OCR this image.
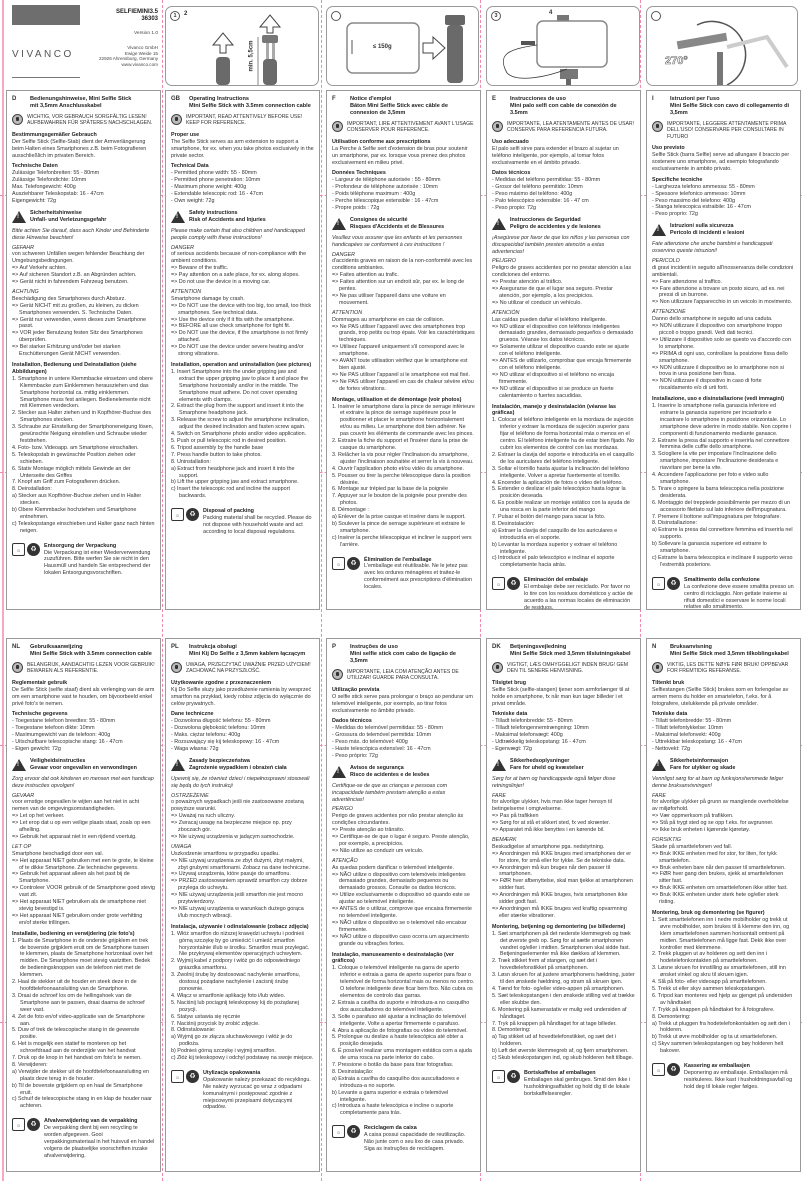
VIVANCO
SELFIEMINI3.5
36303
Version 1.0
Vivanco GmbH
Ewige Weide 15
22926 Ahrensburg, Germany
www.vivanco.com
1	2
min. 5,5cm	≤ 150g
3	4
270°
D	Bedienungshinweise, Mini Selfie Stick
mit 3,5mm Anschlusskabel
WICHTIG, VOR GEBRAUCH SORGFÄLTIG LESEN! AUFBEWAHREN FÜR SPÄTERES NACHSCHLAGEN.
Bestimmungsgemäßer Gebrauch
Der Selfie Stick (Selfie-Stab) dient der Armverlängerung beim Halten eines Smartphones z.B. beim Fotografieren ausschließlich im privaten Bereich.
Technische Daten
Zulässige Telefonbreiten: 55 - 80mm
Zulässige Telefondichte: 10mm
Max. Telefongewicht: 400g
Ausziehbarer Teleskopstab: 16 - 47cm
Eigengewicht: 72g
!
Sicherheitshinweise
Unfall- und Verletzungsgefahr
Bitte achten Sie darauf, dass auch Kinder und Behinderte diese Hinweise beachten!
GEFAHR
von schweren Unfällen wegen fehlender Beachtung der Umgebungsbedingungen.
=> Auf Verkehr achten.
=> Auf sicheren Standort z.B. an Abgründen achten.
=> Gerät nicht in fahrendem Fahrzeug benutzen.
ACHTUNG
Beschädigung des Smartphones durch Absturz.
=> Gerät NICHT mit zu großen, zu kleinen, zu dicken Smartphones verwenden. S. Technische Daten.
=> Gerät nur verwenden, wenn dieses zum Smartphone passt.
=> VOR jeder Benutzung festen Sitz des Smartphones überprüfen.
=> Bei starker Erhitzung und/oder bei starken Erschütterungen Gerät NICHT verwenden.
Installation, Bedienung und Deinstallation (siehe Abbildungen)
1. Smartphone in untere Klemmbacke einsetzen und obere Klemmbacke zum Einklemmen herausziehen und das Smartphone horizontal ca. mittig einklemmen. Smartphone muss fest anliegen. Bedienelemente nicht mit Klemmen verdecken.
2. Stecker aus Halter ziehen und in Kopfhörer-Buchse des Smartphones stecken.
3. Schraube zur Einstellung der Smartphoneneigung lösen, gewünschte Neigung einstellen und Schraube wieder festdrehen.
4. Foto- bzw. Videoapp. am Smartphone einschalten.
5. Teleskopstab in gewünschte Position ziehen oder schieben.
6. Stativ Montage möglich mittels Gewinde an der Unterseite des Griffes
7. Knopf am Griff zum Fotografieren drücken.
8. Deinstallation:
a) Stecker aus Kopfhörer-Buchse ziehen und in Halter stecken.
b) Obere Klemmbacke hochziehen und Smartphone entnehmen.
c) Teleskopstange einschieben und Halter ganz nach hinten neigen.
♲	♻	Entsorgung der Verpackung
Die Verpackung ist einer Wiederverwendung zuzuführen. Bitte werfen Sie sie nicht in den Hausmüll und handeln Sie entsprechend der lokalen Entsorgungsvorschriften.
GB	Operating Instructions
Mini Selfie Stick with 3.5mm connection cable
IMPORTANT, READ ATTENTIVELY BEFORE USE! KEEP FOR REFERENCE.
Proper use
The Selfie Stick serves as arm extension to support a smartphone, for ex. when you take photos exclusively in the private sector.
Technical Data
- Permitted phone width: 55 - 80mm
- Permitted phone penetration: 10mm
- Maximum phone weight: 400g
- Extendable telescopic rod: 16 - 47cm
- Own weight: 72g
!
Safety instructions
Risk of Accidents and Injuries
Please make certain that also children and handicapped people comply with these instructions!
DANGER
of serious accidents because of non-compliance with the ambient conditions.
=> Beware of the traffic.
=> Pay attention on a safe place, for ex. along slopes.
=> Do not use the device in a moving car.
ATTENTION
Smartphone damage by crash.
=> Do NOT use the device with too big, too small, too thick smartphones. See technical data.
=> Use the device only if it fits with the smartphone.
=> BEFORE all use check smartphone for tight fit.
=> Do NOT use the device, if the smartphone is not firmly attached.
=> Do NOT use the device under severe heating and/or strong vibrations.
Installation, operation and uninstallation (see pictures)
1. Insert Smartphone into the under gripping jaw and extract the upper gripping jaw to place it and place the Smartphone horizontally and/or in the middle. The Smartphone must adhere. Do not cover operating elements with clamps.
2. Extract the plug from the support and insert it into the Smarphone headphone jack.
3. Release the screw to adjust the smartphone inclination, adjust the desired inclination and fasten screw again.
4. Switch on Smartphone photo and/or video application.
5. Push or pull telescopic rod in desired position.
6. Tripod assembly by the handle base
7. Press handle button to take photos.
8. Uninstallation:
a) Extract from headphone jack and insert it into the support.
b) Lift the upper gripping jaw and extract smartphone.
c) Insert the telescopic rod and incline the support backwards.
♲	♻	Disposal of packing
Packing material shall be recycled. Please do not dispose with household waste and act according to local disposal regulations.
F	Notice d'emploi
Bâton Mini Selfie Stick avec câble de connexion de 3,5mm
IMPORTANT, LIRE ATTENTIVEMENT AVANT L'USAGE CONSERVER POUR REFERENCE.
Utilisation conforme aux prescriptions
La Perche à Selfie sert d'extension de bras pour soutenir un smartphone, par ex. lorsque vous prenez des photos exclusivement en milieu privé.
Données Techniques
- Largeur de téléphone autorisée : 55 - 80mm
- Profondeur de téléphone autorisée : 10mm
- Poids téléphone maximum : 400g
- Perche télescopique extensible : 16 - 47cm
- Propre poids : 72g
!
Consignes de sécurité
Risques d'Accidents et de Blessures
Veuillez vous assurer que les enfants et les personnes handicapées se conforment à ces instructions !
DANGER
d'accidents graves en raison de la non-conformité avec les conditions ambiantes.
=> Faites attention au trafic.
=> Faites attention sur un endroit sûr, par ex. le long de pentes.
=> Ne pas utiliser l'appareil dans une voiture en mouvement.
ATTENTION
Dommages au smartphone en cas de collision.
=> Ne PAS utiliser l'appareil avec des smartphones trop grands, trop petits ou trop épais. Voir les caractéristiques techniques.
=> Utilisez l'appareil uniquement s'il correspond avec le smartphone.
=> AVANT toute utilisation vérifiez que le smartphone est bien ajusté.
=> Ne PAS utiliser l'appareil si le smartphone est mal fixé.
=> Ne PAS utiliser l'appareil en cas de chaleur sévère et/ou de fortes vibrations.
Montage, utilisation et de démontage (voir photos)
1. Insérer le smartphone dans la pince de serrage inférieure et extraire la pince de serrage supérieure pour le positionner et placer le smartphone horizontalement et/ou au milieu. Le smartphone doit bien adhérer. Ne pas couvrir les éléments de commande avec les pinces.
2. Extraire la fiche du support et l'insérer dans la prise de casque du smartphone.
3. Relâcher la vis pour régler l'inclinaison du smartphone, ajuster l'inclinaison souhaitée et serrer la vis à nouveau.
4. Ouvrir l'application photo et/ou vidéo du smartphone.
5. Pousser ou tirer la perche télescopique dans la position désirée.
6. Montage sur trépied par la base de la poignée
7. Appuyer sur le bouton de la poignée pour prendre des photos.
8. Démontage :
a) Enlever de la prise casque et insérer dans le support.
b) Soulever la pince de serrage supérieure et extraire le smartphone.
c) Insérer la perche télescopique et incliner le support vers l'arrière.
♲	♻	Élimination de l'emballage
L'emballage est réutilisable. Ne le jetez pas avec les ordures ménagères et traitez-le conformément aux prescriptions d'élimination locales.
E	Instrucciones de uso
Mini palo selfi con cable de conexión de 3.5mm
IMPORTANTE, LEA ATENTAMENTE ANTES DE USAR! CONSERVE PARA REFERENCIA FUTURA.
Uso adecuado
El palo selfi sirve para extender el brazo al sujetar un teléfono inteligente, por ejemplo, al tomar fotos exclusivamente en el ámbito privado.
Datos técnicos
- Medidas del teléfono permitidas: 55 - 80mm
- Grosor del teléfono permitido: 10mm
- Peso máximo del teléfono: 400g
- Palo telescópico extensible: 16 - 47 cm
- Peso propio: 72g
!
Instrucciones de Seguridad
Peligro de accidentes y de lesiones
¡Asegúrese por favor de que los niños y las personas con discapacidad también presten atención a estas advertencias!
PELIGRO
Peligro de graves accidentes por no prestar atención a las condiciones del entorno.
=> Prestar atención al tráfico.
=> Asegurarse de que el lugar sea seguro. Prestar atención, por ejemplo, a los precipicios.
=> No utilizar el conducir un vehículo.
ATENCIÓN
Las caídas pueden dañar el teléfono inteligente.
=> NO utilizar el dispositivo con teléfonos inteligentes demasiado grandes, demasiado pequeños o demasiado gruesos. Véanse los datos técnicos.
=> Solamente utilizar el dispositivo cuando este se ajuste con el teléfono inteligente.
=> ANTES de utilizarlo, comprobar que encaja firmemente con el teléfono inteligente.
=> NO utilizar el dispositivo si el teléfono no encaja firmemente.
=> NO utilizar el dispositivo si se produce un fuerte calentamiento o fuertes sacudidas.
Instalación, manejo y desinstalación (véanse las gráficas)
1. Colocar el teléfono inteligente en la mordaza de sujeción inferior y extraer la mordaza de sujeción superior para fijar el teléfono de forma horizontal más o menos en el centro. El teléfono inteligente ha de estar bien fijado. No cubrir los elementos de control con las mordazas.
2. Extraer la clavija del soporte e introducirla en el casquillo de los auriculares del teléfono inteligente.
3. Soltar el tornillo hasta ajustar la inclinación del teléfono inteligente. Volver a apretar fuertemente el tornillo.
4. Encender la aplicación de fotos o vídeo del teléfono.
5. Extender o deslizar el palo telescópico hasta lograr la posición deseada.
6. Es posible realizar un montaje estático con la ayuda de una rosca en la parte inferior del mango
7. Pulsar el botón del mango para sacar la foto.
8. Desinstalación:
a) Extraer la clavija del casquillo de los auriculares e introducirla en el soporte.
b) Levantar la mordaza superior y extraer el teléfono inteligente.
c) Introducir el palo telescópico e inclinar el soporte completamente hacia atrás.
♲	♻	Eliminación del embalaje
El embalaje debe ser reciclado. Por favor no lo tire con los residuos domésticos y actúe de acuerdo a las normas locales de eliminación de residuos.
I	Istruzioni per l'uso
Mini Selfie Stick con cavo di collegamento di 3,5mm
IMPORTANTE, LEGGERE ATTENTAMENTE PRIMA DELL'USO! CONSERVARE PER CONSULTARE IN FUTURO
Uso previsto
Selfie Stick (barra Selfie) serve ad allungare il braccio per sostenere uno smartphone, ad esempio fotografando esclusivamente in ambito privato.
Specifiche tecniche
- Larghezza telefono ammessa: 55 - 80mm
- Spessore telefonico ammesso: 10mm
- Peso massimo del telefono: 400g
- Stanga telescopica estraibile: 16 - 47cm
- Peso proprio: 72g
!
Istruzioni sulla sicurezza
Pericolo di incidenti e lesioni
Fate attenzione che anche bambini e handicappati osservino queste istruzioni!
PERICOLO
di gravi incidenti in seguito all'inosservanza delle condizioni ambientali.
=> Fare attenzione al traffico.
=> Fare attenzione a trovare un posto sicuro, ad es. nei pressi di un burrone.
=> Non utilizzare l'apparecchio in un veicolo in movimento.
ATTENZIONE
Danno dello smartphone in seguito ad una caduta.
=> NON utilizzare il dispositivo con smartphone troppo piccoli o troppo grandi. Vedi dati tecnici.
=> Utilizzare il dispositivo solo se questo va d'accordo con lo smartphone.
=> PRIMA di ogni uso, controllare la posizione fissa dello smartphone.
=> NON utilizzare il dispositivo se lo smartphone non si trova in una posizione ben fissa.
=> NON utilizzare il dispositivo in caso di forte riscaldamento e/o di urti forti.
Installazione, uso e disinstallazione (vedi immagini)
1. Inserire lo smartphone nella ganascia inferiore ed estrarre la ganascia superiore per incastrarlo e incastrare lo smartphone in posizione orizzontale. Lo smartphone deve aderire in modo stabile. Non coprire i componenti di funzionamento mediante ganasce.
2. Estrarre la presa dal supporto e inserirla nel connettore femmina delle cuffie dello smartphone.
3. Sciogliere la vite per impostare l'inclinazione dello smartphone, impostare l'inclinazione desiderata e riavvitare per bene la vite.
4. Accendere l'applicazione per foto e video sullo smartphone.
5. Tirare o spingere la barra telescopica nella posizione desiderata.
6. Montaggio del treppiede possibilmente per mezzo di un accessorio filettato sul lato inferiore dell'impugnatura.
7. Premere il bottone sull'impugnatura per fotografare.
8. Disinstallazione:
a) Estrarre la presa dal connettore femmina ed inserirla nel supporto.
b) Sollevare la ganascia superiore ed estrarre lo smartphone.
c) Estrarre la barra telescopica e inclinare il supporto verso l'estremità posteriore.
♲	♻	Smaltimento della confezione
La confezione deve essere smaltita presso un centro di riciclaggio. Non gettate insieme ai rifiuti domestici e osservare le norme locali relative allo smaltimento.
NL	Gebruiksaanwijzing
Mini Selfie Stick with 3.5mm connection cable
BELANGRIJK, AANDACHTIG LEZEN VOOR GEBRUIK! BEWAREN ALS REFERENTIE.
Reglementair gebruik
De Selfie Stick (selfie staaf) dient als verlenging van de arm om een smartphone vast te houden, om bijvoorbeeld enkel privé foto's te nemen.
Technische gegevens
- Toegestane telefoon breedtes: 55 - 80mm
- Toegestane telefoon dikte: 10mm
- Maximumgewicht van de telefoon: 400g
- Uitschuifbare telescopische stang: 16 - 47cm
- Eigen gewicht: 72g
!
Veiligheidsinstructies
Gevaar voor ongevallen en verwondingen
Zorg ervoor dat ook kinderen en mensen met een handicap deze instructies opvolgen!
GEVAAR
voor ernstige ongevallen te wijten aan het niet in acht nemen van de omgevingsomstandigheden.
=> Let op het verkeer.
=> Let erop dat u op een veilige plaats staat, zoals op een afhelling.
=> Gebruik het apparaat niet in een rijdend voertuig.
LET OP
Smartphone beschadigd door een val.
=> Het apparaat NIET gebruiken met een te grote, te kleine of te dikke Smartphone. Zie technische gegevens.
=> Gebruik het apparaat alleen als het past bij de Smartphone.
=> Controleer VOOR gebruik of de Smartphone goed stevig vast zit.
=> Het apparaat NIET gebruiken als de smartphone niet stevig bevestigd is.
=> Het apparaat NIET gebruiken onder grote verhitting en/of sterke trillingen.
Installatie, bediening en verwijdering (zie foto's)
1. Plaats de Smartphone in de onderste grijpklem en trek de bovenste grijpklem eruit om de Smartphone tussen te klemmen, plaats de Smartphone horizontaal over het midden. De Smartphone moet stevig vastzitten. Bedek de bedieningsknoppen van de telefoon niet met de klemmen.
2. Haal de stekker uit de houder en steek deze in de hoofdtelefoonaansluiting van de Smartphone.
3. Draai de schroef los om de hellingshoek van de Smartphone aan te passen, draai daarna de schroef weer vast.
4. Zet de foto en/of video-applicatie van de Smartphone aan.
5. Duw of trek de telescopische stang in de gewenste positie.
6. Het is mogelijk een statief te monteren op het schroefdraad aan de onderzijde van het handvat
7. Druk op de knop in het handvat om foto's te nemen.
8. Verwijderen:
a) Verwijder de stekker uit de hoofdtelefoonaansluiting en plaats deze terug in de houder.
b) Til de bovenste grijpklem op en haal de Smartphone eruit.
c) Schuif de telescopische stang in en klap de houder naar achteren.
♲	♻	Afvalverwijdering van de verpakking
De verpakking dient bij een recycling te worden afgegeven. Gooi verpakkingsmateriaal in het huisvuil en handel volgens de plaatselijke voorschriften inzake afvalverwijdering.
PL	Instrukcja obsługi
Mini Kij Do Selfie z 3,5mm kablem łączącym
UWAGA, PRZECZYTAĆ UWAŻNIE PRZED UŻYCIEM! ZACHOWAĆ NA PRZYSZŁOŚĆ.
Użytkowanie zgodne z przeznaczeniem
Kij Do Selfie służy jako przedłużenie ramienia by wesprzeć smartfon na przykład, kiedy robisz zdjęcia do wyłącznie do celów prywatnych.
Dane techniczne
- Dozwolona długość telefonu: 55 - 80mm
- Dozwolona głębokość telefonu: 10mm
- Maks. ciężar telefonu: 400g
- Rozsuwający się kij teleskopowy: 16 - 47cm
- Waga własna: 72g
!
Zasady bezpieczeństwa
Zagrożenie wypadkiem i obrażeń ciała
Upewnij się, że również dzieci i niepełnosprawni stosowali się będą do tych instrukcji
OSTRZEŻENIE
o poważnych wypadkach jeśli nie zastosowane zostaną powyższe warunki.
=> Uważaj na ruch uliczny.
=> Zwracaj uwagę na bezpieczne miejsce np. przy zboczach gór.
=> Nie używaj urządzenia w jadącym samochodzie.
UWAGA
Uszkodzenie smartfonu w przypadku upadku.
=> NIE używaj urządzenia ze zbyt dużymi, zbyt małymi, zbyt grubymi smartfonami. Zobacz na dane techniczne.
=> Używaj urządzenia, które pasuje do smartfonu.
=> PRZED zastosowaniem sprawdź smartfon czy dobrze przylega do uchwytu.
=> NIE używaj urządzenia jeśli smartfon nie jest mocno przytwierdzony.
=> NIE używaj urządzenia w warunkach dużego gorąca i/lub mocnych wibracji.
Instalacja, używanie i odinstalowanie (zobacz zdjęcia)
1. Włóż smartfon do niższej krawędzi uchwytu i podnieś górną szczękę by go umieścić i umieść smartfon horyzontalnie i/lub w środku. Smartfon musi przylegać. Nie przykrywaj elementów operacyjnych uchwytem.
2. Wyjmij kabel z podpory i włóż go do odpowiedniego gniazdka smartfonu.
3. Zwolnij śrubę by dostosować nachylenie smartfonu, dostosuj pożądane nachylenie i zacisnij śrubę ponownie.
4. Włącz w smartfonie aplikację foto i/lub wideo.
5. Naciśnij lub pociągnij teleskopowy kij do pożądanej pozycji.
6. Statyw ustawia się ręcznie
7. Naciśnij przycisk by zrobić zdjęcie.
8. Odinstalowanie:
a) Wyjmij go ze złącza słuchawkowego i włóż je do podłoża.
b) Podnieś górną szczękę i wyjmij smartfon.
c) Złóż kij teleskopowy i odchyl podstawę na swoje miejsce.
♲	♻	Utylizacja opakowania
Opakowanie należy przekazać do recyklingu. Nie należy wyrzucać go wraz z odpadami komunalnymi i postępować zgodnie z miejscowymi przepisami dotyczącymi odpadów.
P	Instruções de uso
Mini selfie stick com cabo de ligação de 3,5mm
IMPORTANTE, LEIA COM ATENÇÃO ANTES DE UTILIZAR! GUARDE PARA CONSULTA.
Utilização prevista
O selfie stick serve para prolongar o braço ao pendurar um telemóvel inteligente, por exemplo, ao tirar fotos exclusivamente no âmbito privado.
Dados técnicos
- Medidas do telemóvel permitidas: 55 - 80mm
- Grossura do telemóvel permitida: 10mm
- Peso máx. do telemóvel: 400g
- Haste telescópica extensível: 16 - 47cm
- Peso próprio: 72g
!
Avisos de segurança
Risco de acidentes e de lesões
Certifique-se de que as crianças e pessoas com incapacidade também prestam atenção a estas advertências!
PERIGO
Perigo de graves acidentes por não prestar atenção às condições circundantes.
=> Preste atenção ao trânsito.
=> Certifique-se de que o lugar é seguro. Preste atenção, por exemplo, a precipícios.
=> Não utilize ao conduzir um veículo.
ATENÇÃO
As quedas podem danificar o telemóvel inteligente.
=> NÃO utilize o dispositivo com telemóveis inteligentes demasiado grandes, demasiado pequenos ou demasiado grossos. Consulte os dados técnicos.
=> Utilize exclusivamente o dispositivo só quando este se ajustar ao telemóvel inteligente.
=> ANTES de o utilizar, comprove que encaixa firmemente no telemóvel inteligente.
=> NÃO utilize o dispositivo se o telemóvel não encaixar firmemente.
=> NÃO utilize o dispositivo caso ocorra um aquecimento grande ou vibrações fortes.
Instalação, manuseamento e desinstalação (ver gráficos)
1. Coloque o telemóvel inteligente na garra de aperto inferior e extraia a garra de aperto superior para fixar o telemóvel de forma horizontal mais ou menos no centro. O telefone inteligente deve ficar bem fixo. Não cubra os elementos de controlo das garras.
2. Extraia a cavilha do suporte e introduza-a no casquilho dos auscultadores do telemóvel inteligente.
3. Solte o parafuso até ajustar a inclinação do telemóvel inteligente. Volte a apertar firmemente o parafuso.
4. Abra a aplicação de fotografias ou vídeo do telemóvel.
5. Prolongue ou deslize a haste telescópica até obter a posição desejada.
6. É possível realizar uma montagem estática com a ajuda de uma rosca na parte inferior do cabo.
7. Pressione o botão da base para tirar fotografias.
8. Desinstalação:
a) Extraia a cavilha do casquilho dos auscultadores e introduza-a no suporte.
b) Levante a garra superior e extraia o telemóvel inteligente.
c) Introduza a haste telescópica e incline o suporte completamente para trás.
♲	♻	Reciclagem da caixa
A caixa possui capacidade de reutilização. Não junte com o seu lixo de casa privado. Siga as instruções de reciclagem.
DK	Betjeningsvejledning
Mini Selfie Stick med 3,5mm tilslutningskabel
VIGTIGT, LÆS OMHYGGELIGT INDEN BRUG! GEM DEN TIL SENERE HENVISNING.
Tilsigtet brug
Selfie Stick (selfie-stangen) tjener som armforlænger til at holde en smartphone, fx når man kun tager billeder i et privat område.
Tekniske data
- Tilladt telefonbredde: 55 - 80mm
- Tilladt telefongennemtrængning: 10mm
- Maksimal telefonvægt: 400g
- Udtrækkelig teleskopstang: 16 - 47cm
- Egenvægt: 72g
!
Sikkerhedsoplysninger
Fare for uheld og kvæstelser
Sørg for at børn og handicappede også følger disse retningslinjer!
FARE
for alvorlige ulykker, hvis man ikke tager hensyn til betingelserne i omgivelserne.
=> Pas på trafikken
=> Sørg for at stå et sikkert sted, fx ved skrænter.
=> Apparatet må ikke benyttes i en kørende bil.
BEMÆRK
Beskadigelse af smartphone pga. nedstyrtning.
=> Anordningen må IKKE bruges med smartphones der er for store, for små eller for tykke. Se de tekniske data.
=> Anordningen må kun bruges når den passer til smartphonen.
=> FØR hver afbenyttelse, skal man tjekke at smartphonen sidder fast.
=> Anordningen må IKKE bruges, hvis smartphonen ikke sidder godt fast.
=> Anordningen må IKKE bruges ved kraftig opvarmning eller stærke vibrationer.
Montering, betjening og demontering (se billederne)
1. Sæt smartphonen på det nederste klemmegreb og træk det øverste greb op. Sørg for at sætte smartphonen vandret og/eller i midten. Smartphonen skal sidde fast. Betjeningselementer må ikke dækkes af klemmen.
2. Træk stikket frem af stangen, og sæt det i hovedtelefonstikket på smartphonen.
3. Løsn skruen for at justere smartphonens hældning, juster til den ønskede hældning, og stram så skruen igen.
4. Tænd for foto- og/eller video-appen på smartphonen.
5. Sæt teleskopstangen i den ønskede stilling ved at trække eller skubbe den.
6. Montering på kamerastativ er mulig ved undersiden af håndtaget.
7. Tryk på knappen på håndtaget for at tage billeder.
8. Demontering:
a) Tag stikket ud af hovedtelefonstikket, og sæt det i holderen.
b) Løft det øverste klemmegreb af, og fjern smartphonen.
c) Skub teleskopstangen ind, og skub holderen helt tilbage.
♲	♻	Bortskaffelse af emballagen
Emballagen skal genbruges. Smid den ikke i husholdningsaffaldet og hold dig til de lokale bortskaffelsesregler.
N	Bruksanvisning
Mini Selfie Stick med 3,5mm tilkoblingskabel
VIKTIG, LES DETTE NØYE FØR BRUK! OPPBEVAR FOR FREMTIDIG REFERANSE.
Tiltenkt bruk
Selfiestangen (Selfie Stick) brukes som en forlengelse av armen mens du holder en smartelefon, f.eks. for å fotografere, utelukkende på private områder.
Tekniske data
- Tillatt telefonbredde: 55 - 80mm
- Tillatt telefontykkelse: 10mm
- Maksimal telefonvekt: 400g
- Uttrekkbar teleskopstang: 16 - 47cm
- Nettovekt: 72g
!
Sikkerhetsinformasjon
Fare for ulykker og skade
Vennligst sørg for at barn og funksjonshemmede følger denne bruksanvisningen!
FARE
for alvorlige ulykker på grunn av manglende overholdelse av miljøforhold.
=> Vær oppmerksom på trafikken.
=> Stå på trygt sted og se opp f.eks. for avgrunner.
=> Ikke bruk enheten i kjørende kjøretøy.
FORSIKTIG
Skade på smarttelefonen ved fall.
=> Bruk IKKE enheten med for stor, for liten, for tykk smarttelefon.
=> Bruk enheten bare når den passer til smarttelefonen.
=> FØR hver gang den brukes, sjekk at smarttelefonen sitter fast.
=> Bruk IKKE enheten om smarttelefonen ikke sitter fast.
=> Bruk IKKE enheten under sterk hete og/eller sterk risting.
Montering, bruk og demontering (se figurer)
1. Sett smarttelefonen inn i nedre mobilholder og trekk ut øvre mobilholder, som brukes til å klemme den inn, og klem smarttelefonen sammen horisontalt omtrent på midten. Smarttelefonen må ligge fast. Dekk ikke over kontroller med klemmene.
2. Trekk pluggen ut av holderen og sett den inn i hodetelefonkontakten på smarttelefonen.
3. Løsne skruen for innstilling av smarttelefonen, still inn ønsket vinkel og skru til skruen igjen.
4. Slå på foto- eller videoapp på smarttelefonen.
5. Trekk ut eller skyv sammen teleskopstangen.
6. Tripod kan monteres ved hjelp av gjenget på undersiden av håndtaket
7. Trykk på knappen på håndtaket for å fotografere.
8. Demontering:
a) Trekk ut pluggen fra hodetelefonkontakten og sett den i holderen.
b) Trekk ut øvre mobilholder og ta ut smarttelefonen.
c) Skyv sammen teleskopstangen og bøy holderen helt bakover.
♲	♻	Kassering av emballasjen
Deponering av emballasje. Emballasjen må resirkuleres. Ikke kast i husholdningsavfall og hold deg til lokale regler følges.
